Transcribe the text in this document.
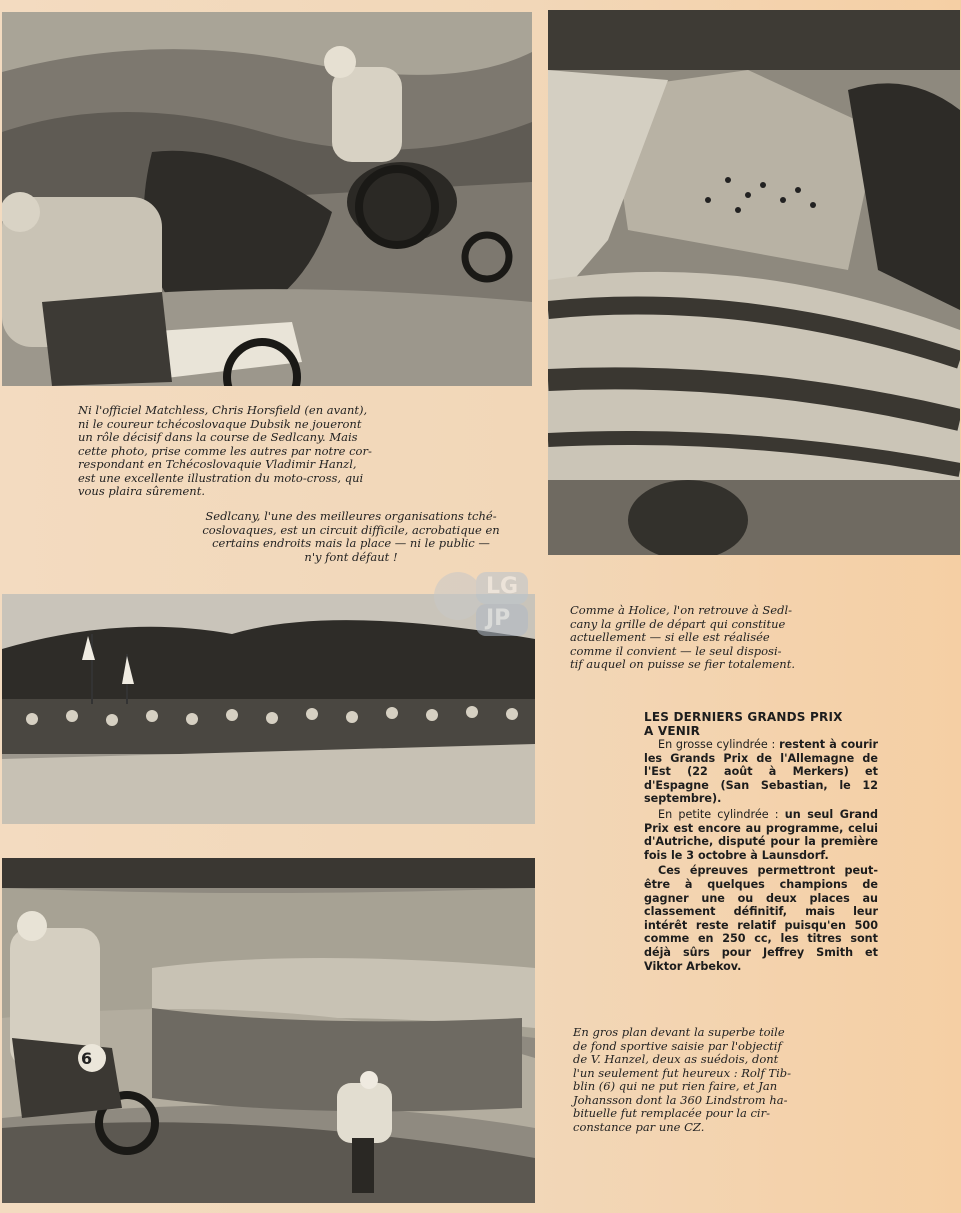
Ni l'officiel Matchless, Chris Horsfield (en avant),
ni le coureur tchécoslovaque Dubsik ne joueront
un rôle décisif dans la course de Sedlcany. Mais
cette photo, prise comme les autres par notre cor-
respondant en Tchécoslovaquie Vladimir Hanzl,
est une excellente illustration du moto-cross, qui
vous plaira sûrement.
Sedlcany, l'une des meilleures organisations tché-
coslovaques, est un circuit difficile, acrobatique en
certains endroits mais la place — ni le public —
n'y font défaut !
6
LG
JP	Comme à Holice, l'on retrouve à Sedl-
cany la grille de départ qui constitue
actuellement — si elle est réalisée
comme il convient — le seul disposi-
tif auquel on puisse se fier totalement.
LES DERNIERS GRANDS PRIX
A VENIR

En grosse cylindrée : restent à courir les Grands Prix de l'Allemagne de l'Est (22 août à Merkers) et d'Espagne (San Sebastian, le 12 septembre).

En petite cylindrée : un seul Grand Prix est encore au programme, celui d'Autriche, disputé pour la première fois le 3 octobre à Launsdorf.

Ces épreuves permettront peut-être à quelques champions de gagner une ou deux places au classement définitif, mais leur intérêt reste relatif puisqu'en 500 comme en 250 cc, les titres sont déjà sûrs pour Jeffrey Smith et Viktor Arbekov.

En gros plan devant la superbe toile
de fond sportive saisie par l'objectif
de V. Hanzel, deux as suédois, dont
l'un seulement fut heureux : Rolf Tib-
blin (6) qui ne put rien faire, et Jan
Johansson dont la 360 Lindstrom ha-
bituelle fut remplacée pour la cir-
constance par une CZ.
